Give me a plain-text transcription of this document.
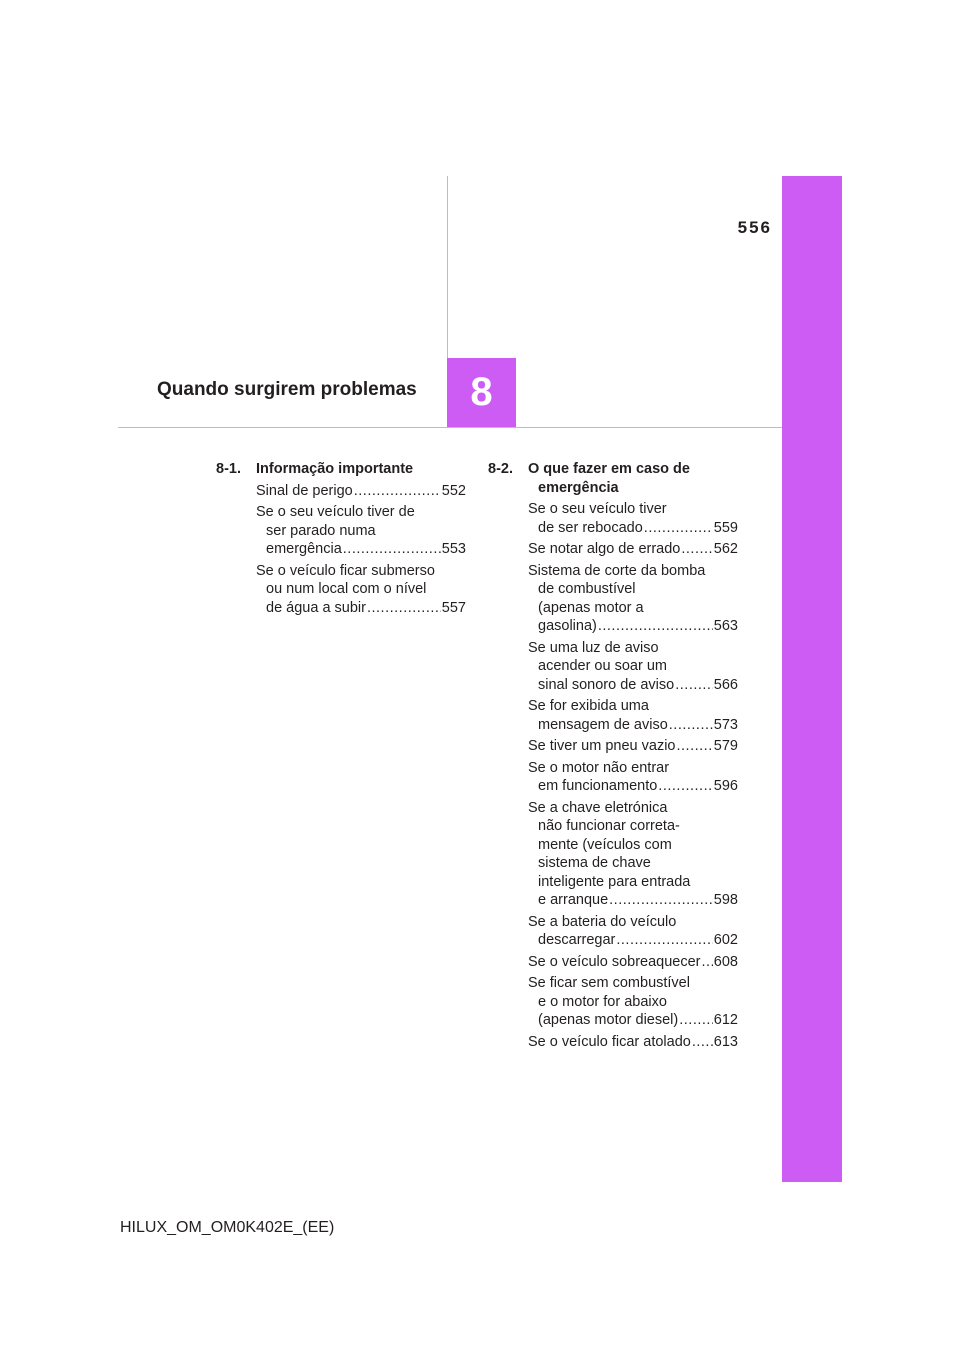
556
Quando surgirem problemas	8
8-1.	Informação importante
Sinal de perigo .....	552
Se o seu veículo tiver de
ser parado numa
emergência .....	553
Se o veículo ficar submerso
ou num local com o nível
de água a subir .....	557
8-2.	O que fazer em caso de emergência
Se o seu veículo tiver
de ser rebocado .....	559
Se notar algo de errado ..... 562
Sistema de corte da bomba
de combustível
(apenas motor a
gasolina) .....	563
Se uma luz de aviso
acender ou soar um
sinal sonoro de aviso .....	566
Se for exibida uma
mensagem de aviso .....	573
Se tiver um pneu vazio .....	579
Se o motor não entrar
em funcionamento .....	596
Se a chave eletrónica
não funcionar correta-
mente (veículos com
sistema de chave
inteligente para entrada
e arranque .....	598
Se a bateria do veículo
descarregar .....	602
Se o veículo sobreaquecer ..... 608
Se ficar sem combustível
e o motor for abaixo
(apenas motor diesel) ..... 612
Se o veículo ficar atolado ..... 613
HILUX_OM_OM0K402E_(EE)
